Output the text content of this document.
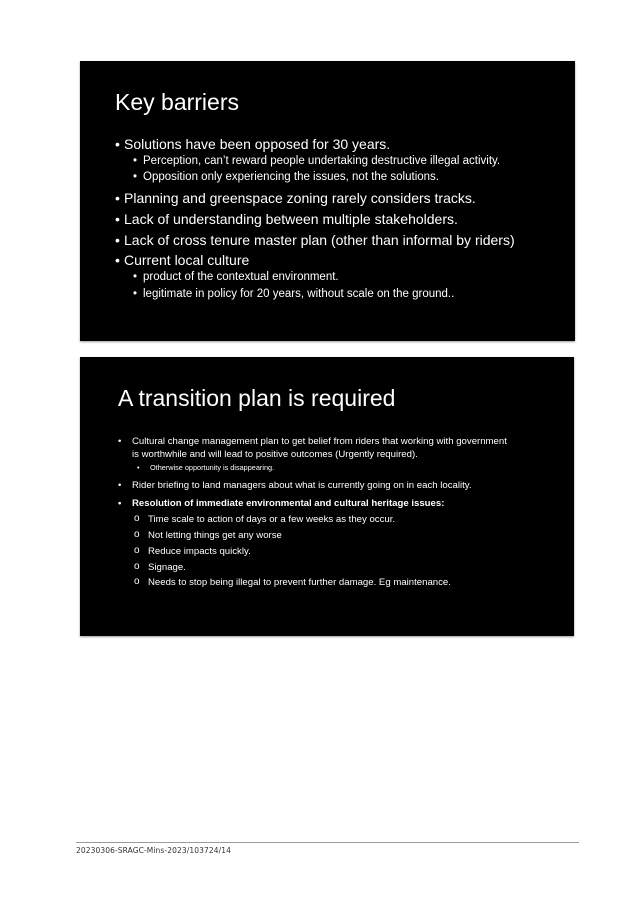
Key barriers
• Solutions have been opposed for 30 years.
• Perception, can’t reward people undertaking destructive illegal activity.
• Opposition only experiencing the issues, not the solutions.
• Planning and greenspace zoning rarely considers tracks.
• Lack of understanding between multiple stakeholders.
• Lack of cross tenure master plan (other than informal by riders)
• Current local culture
• product of the contextual environment.
• legitimate in policy for 20 years, without scale on the ground..
A transition plan is required
• Cultural change management plan to get belief from riders that working with government
is worthwhile and will lead to positive outcomes (Urgently required).
• Otherwise opportunity is disappearing.
• Rider briefing to land managers about what is currently going on in each locality.
• Resolution of immediate environmental and cultural heritage issues:
o Time scale to action of days or a few weeks as they occur.
o Not letting things get any worse
o Reduce impacts quickly.
o Signage.
o Needs to stop being illegal to prevent further damage. Eg maintenance.
20230306-SRAGC-Mins-2023/103724/14
